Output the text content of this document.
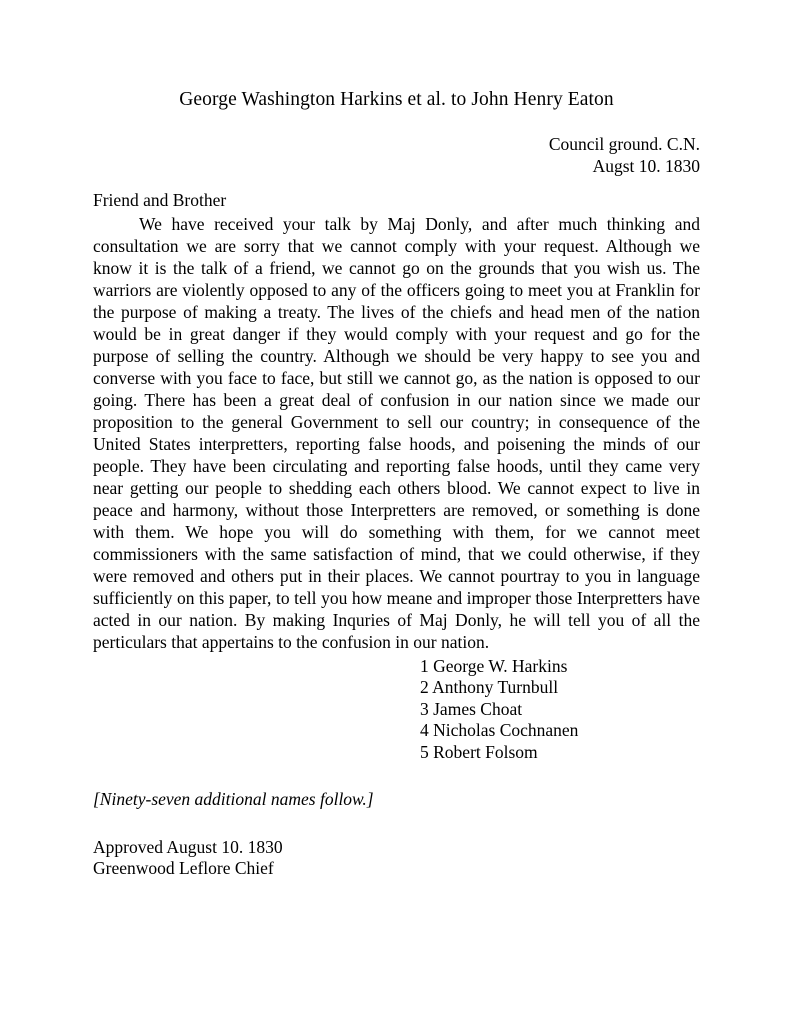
George Washington Harkins et al. to John Henry Eaton
Council ground. C.N.
Augst 10. 1830
Friend and Brother

We have received your talk by Maj Donly, and after much thinking and consultation we are sorry that we cannot comply with your request. Although we know it is the talk of a friend, we cannot go on the grounds that you wish us. The warriors are violently opposed to any of the officers going to meet you at Franklin for the purpose of making a treaty. The lives of the chiefs and head men of the nation would be in great danger if they would comply with your request and go for the purpose of selling the country. Although we should be very happy to see you and converse with you face to face, but still we cannot go, as the nation is opposed to our going. There has been a great deal of confusion in our nation since we made our proposition to the general Government to sell our country; in consequence of the United States interpretters, reporting false hoods, and poisening the minds of our people. They have been circulating and reporting false hoods, until they came very near getting our people to shedding each others blood. We cannot expect to live in peace and harmony, without those Interpretters are removed, or something is done with them. We hope you will do something with them, for we cannot meet commissioners with the same satisfaction of mind, that we could otherwise, if they were removed and others put in their places. We cannot pourtray to you in language sufficiently on this paper, to tell you how meane and improper those Interpretters have acted in our nation. By making Inquries of Maj Donly, he will tell you of all the perticulars that appertains to the confusion in our nation.

1 George W. Harkins
2 Anthony Turnbull
3 James Choat
4 Nicholas Cochnanen
5 Robert Folsom
[Ninety-seven additional names follow.]
Approved August 10. 1830
Greenwood Leflore Chief
